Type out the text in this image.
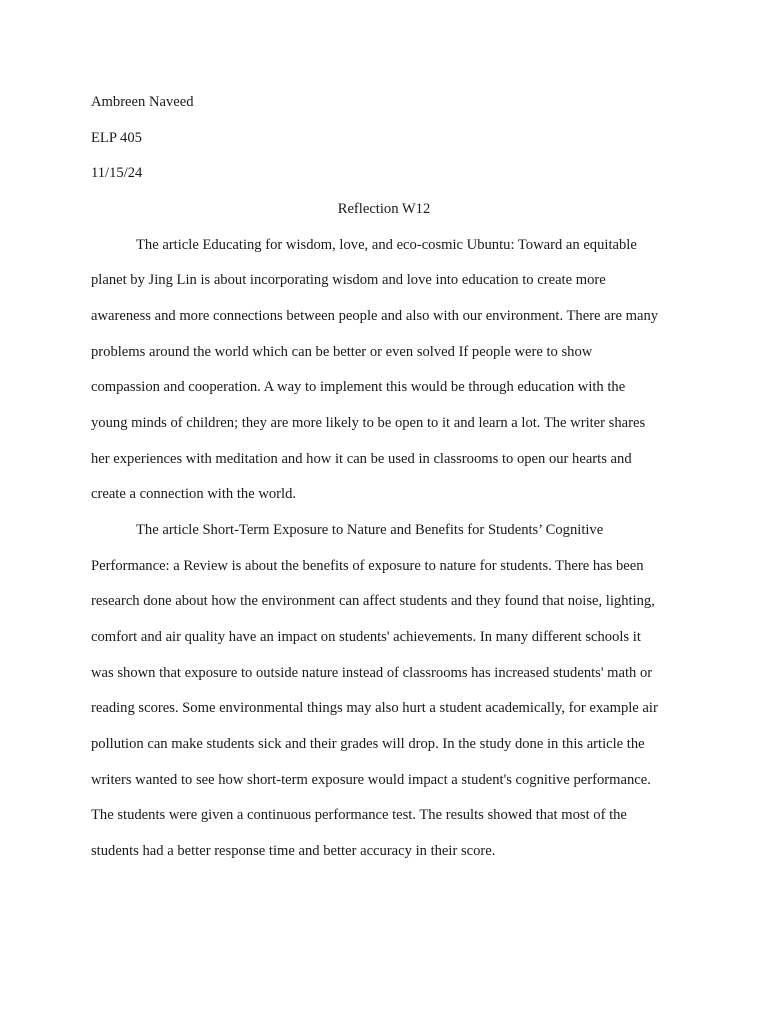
Ambreen Naveed
ELP 405
11/15/24
Reflection W12
The article Educating for wisdom, love, and eco-cosmic Ubuntu: Toward an equitable
planet by Jing Lin is about incorporating wisdom and love into education to create more
awareness and more connections between people and also with our environment. There are many
problems around the world which can be better or even solved If people were to show
compassion and cooperation. A way to implement this would be through education with the
young minds of children; they are more likely to be open to it and learn a lot. The writer shares
her experiences with meditation and how it can be used in classrooms to open our hearts and
create a connection with the world.
The article Short-Term Exposure to Nature and Benefits for Students’ Cognitive
Performance: a Review is about the benefits of exposure to nature for students. There has been
research done about how the environment can affect students and they found that noise, lighting,
comfort and air quality have an impact on students' achievements. In many different schools it
was shown that exposure to outside nature instead of classrooms has increased students' math or
reading scores. Some environmental things may also hurt a student academically, for example air
pollution can make students sick and their grades will drop. In the study done in this article the
writers wanted to see how short-term exposure would impact a student's cognitive performance.
The students were given a continuous performance test. The results showed that most of the
students had a better response time and better accuracy in their score.
